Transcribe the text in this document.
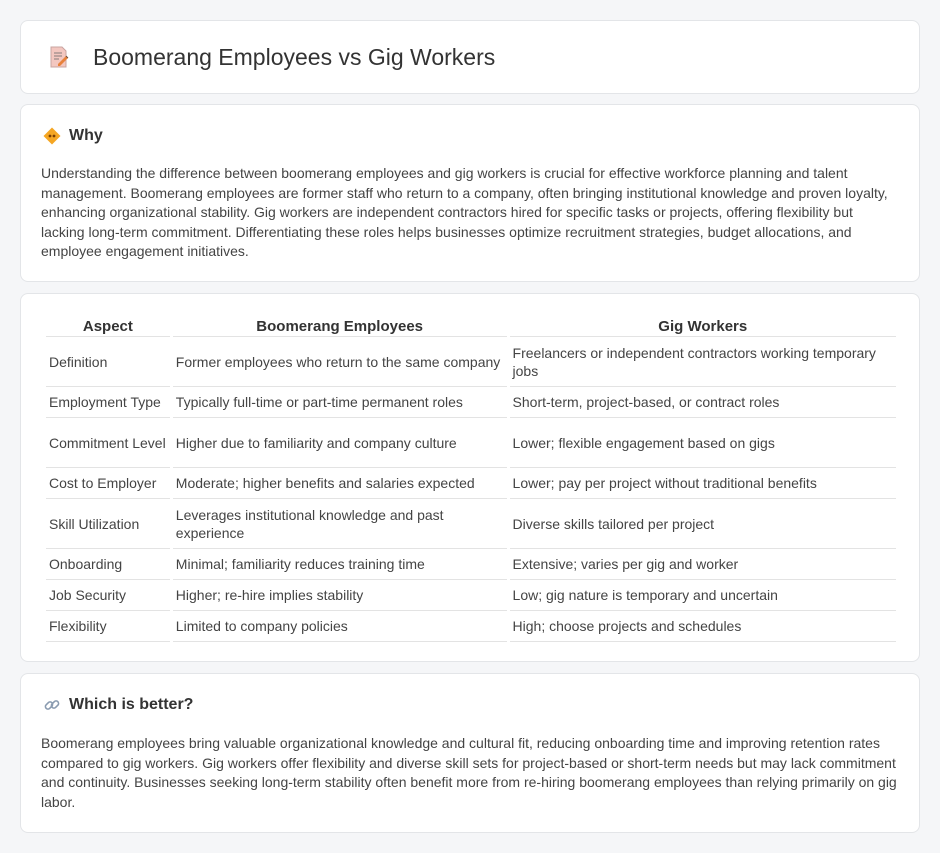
Boomerang Employees vs Gig Workers
Why

Understanding the difference between boomerang employees and gig workers is crucial for effective workforce planning and talent management. Boomerang employees are former staff who return to a company, often bringing institutional knowledge and proven loyalty, enhancing organizational stability. Gig workers are independent contractors hired for specific tasks or projects, offering flexibility but lacking long-term commitment. Differentiating these roles helps businesses optimize recruitment strategies, budget allocations, and employee engagement initiatives.

Aspect	Boomerang Employees	Gig Workers
Definition	Former employees who return to the same company	Freelancers or independent contractors working temporary jobs
Employment Type	Typically full-time or part-time permanent roles	Short-term, project-based, or contract roles
Commitment Level	Higher due to familiarity and company culture	Lower; flexible engagement based on gigs
Cost to Employer	Moderate; higher benefits and salaries expected	Lower; pay per project without traditional benefits
Skill Utilization	Leverages institutional knowledge and past experience	Diverse skills tailored per project
Onboarding	Minimal; familiarity reduces training time	Extensive; varies per gig and worker
Job Security	Higher; re-hire implies stability	Low; gig nature is temporary and uncertain
Flexibility	Limited to company policies	High; choose projects and schedules
Which is better?

Boomerang employees bring valuable organizational knowledge and cultural fit, reducing onboarding time and improving retention rates compared to gig workers. Gig workers offer flexibility and diverse skill sets for project-based or short-term needs but may lack commitment and continuity. Businesses seeking long-term stability often benefit more from re-hiring boomerang employees than relying primarily on gig labor.
